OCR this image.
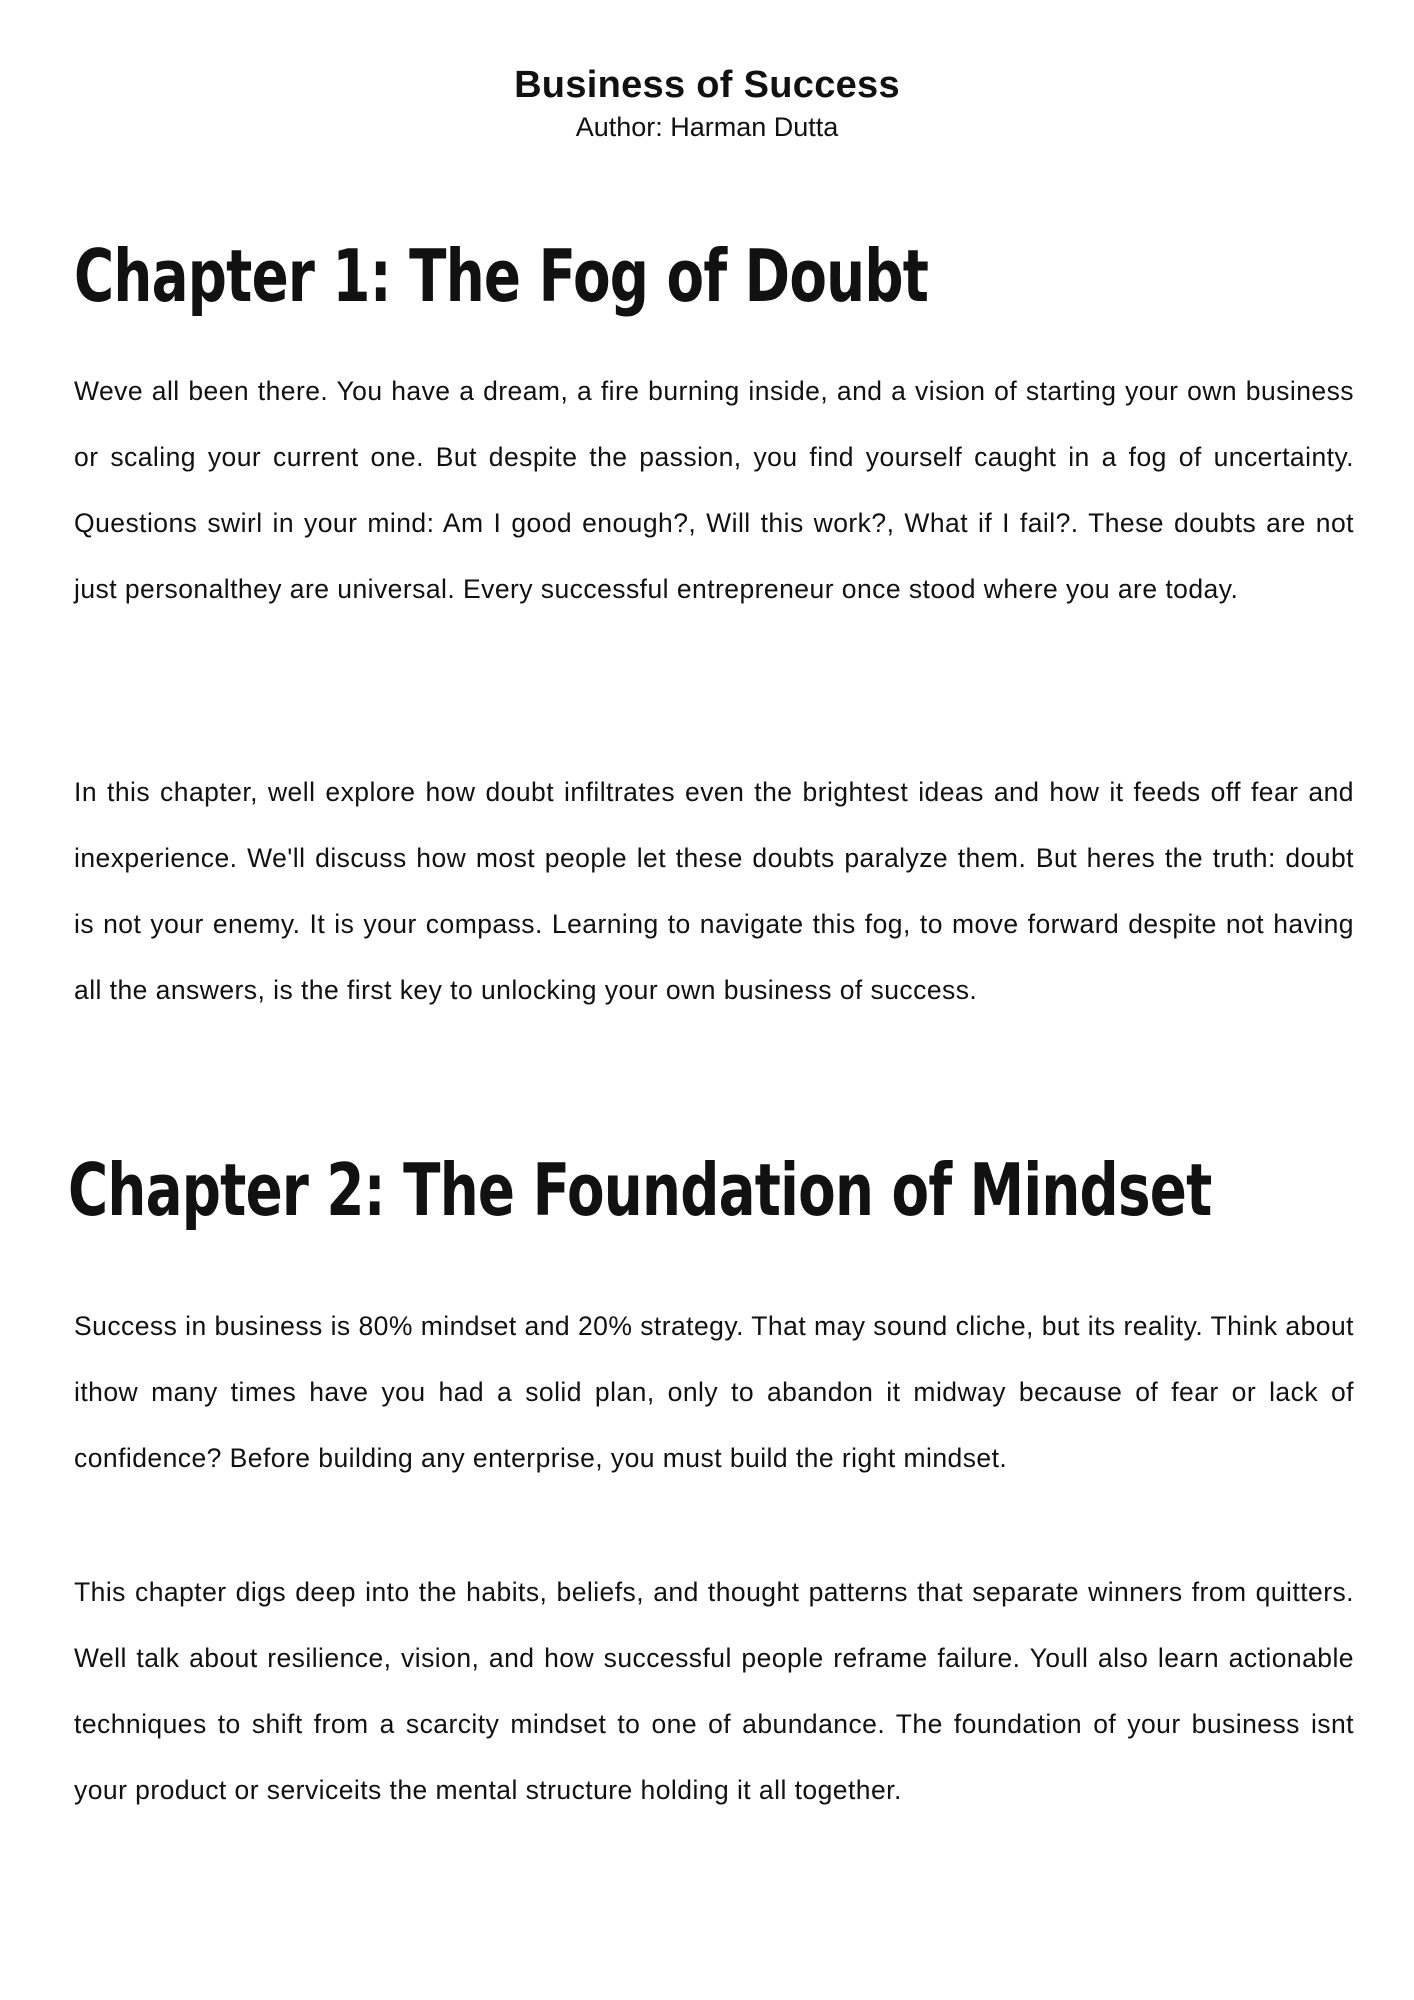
Business of Success

Author: Harman Dutta

Chapter 1: The Fog of Doubt

Weve all been there. You have a dream, a fire burning inside, and a vision of starting your own business or scaling your current one. But despite the passion, you find yourself caught in a fog of uncertainty. Questions swirl in your mind: Am I good enough?, Will this work?, What if I fail?. These doubts are not just personalthey are universal. Every successful entrepreneur once stood where you are today.

In this chapter, well explore how doubt infiltrates even the brightest ideas and how it feeds off fear and inexperience. We'll discuss how most people let these doubts paralyze them. But heres the truth: doubt is not your enemy. It is your compass. Learning to navigate this fog, to move forward despite not having all the answers, is the first key to unlocking your own business of success.

Chapter 2: The Foundation of Mindset

Success in business is 80% mindset and 20% strategy. That may sound cliche, but its reality. Think about ithow many times have you had a solid plan, only to abandon it midway because of fear or lack of confidence? Before building any enterprise, you must build the right mindset.

This chapter digs deep into the habits, beliefs, and thought patterns that separate winners from quitters. Well talk about resilience, vision, and how successful people reframe failure. Youll also learn actionable techniques to shift from a scarcity mindset to one of abundance. The foundation of your business isnt your product or serviceits the mental structure holding it all together.
